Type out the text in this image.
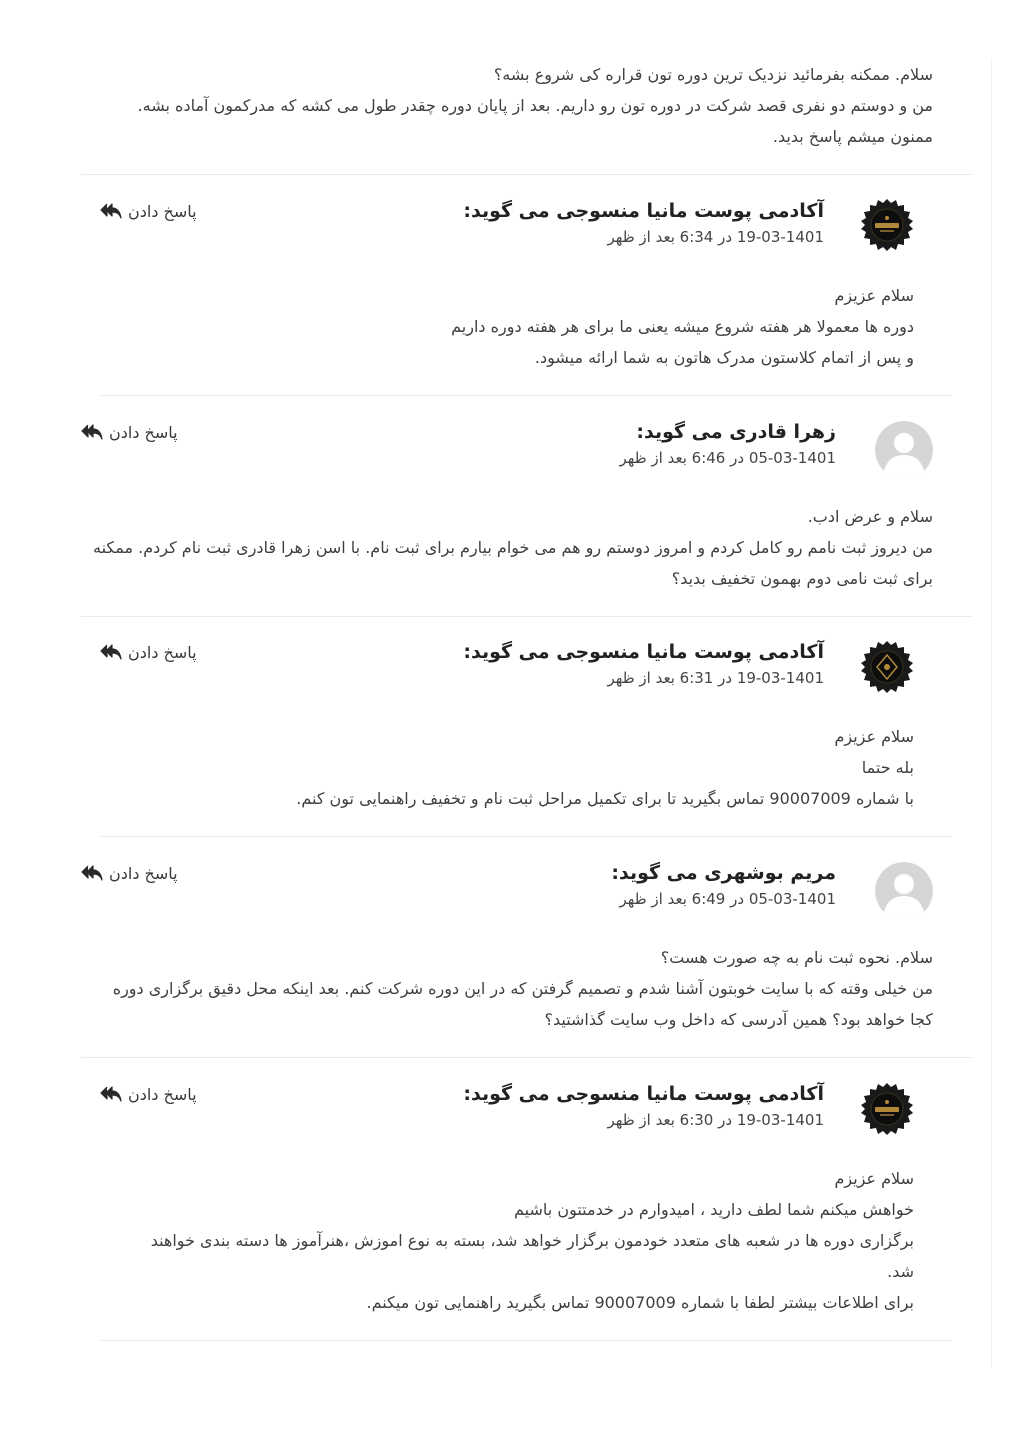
سلام. ممکنه بفرمائید نزدیک ترین دوره تون قراره کی شروع بشه؟

من و دوستم دو نفری قصد شرکت در دوره تون رو داریم. بعد از پایان دوره چقدر طول می کشه که مدرکمون آماده بشه.

ممنون میشم پاسخ بدید.

آکادمی پوست مانیا منسوجی می گوید:
19-03-1401 در 6:34 بعد از ظهر
پاسخ دادن

سلام عزیزم

دوره ها معمولا هر هفته شروع میشه یعنی ما برای هر هفته دوره داریم

و پس از اتمام کلاستون مدرک هاتون به شما ارائه میشود.

زهرا قادری می گوید:
05-03-1401 در 6:46 بعد از ظهر
پاسخ دادن

سلام و عرض ادب.

من دیروز ثبت نامم رو کامل کردم و امروز دوستم رو هم می خوام بیارم برای ثبت نام. با اسن زهرا قادری ثبت نام کردم. ممکنه

برای ثبت نامی دوم بهمون تخفیف بدید؟

آکادمی پوست مانیا منسوجی می گوید:
19-03-1401 در 6:31 بعد از ظهر
پاسخ دادن

سلام عزیزم

بله حتما

با شماره 90007009 تماس بگیرید تا برای تکمیل مراحل ثبت نام و تخفیف راهنمایی تون کنم.

مریم بوشهری می گوید:
05-03-1401 در 6:49 بعد از ظهر
پاسخ دادن

سلام. نحوه ثبت نام به چه صورت هست؟

من خیلی وقته که با سایت خوبتون آشنا شدم و تصمیم گرفتن که در این دوره شرکت کنم. بعد اینکه محل دقیق برگزاری دوره

کجا خواهد بود؟ همین آدرسی که داخل وب سایت گذاشتید؟

آکادمی پوست مانیا منسوجی می گوید:
19-03-1401 در 6:30 بعد از ظهر
پاسخ دادن

سلام عزیزم

خواهش میکنم شما لطف دارید ، امیدوارم در خدمتتون باشیم

برگزاری دوره ها در شعبه های متعدد خودمون برگزار خواهد شد، بسته به نوع اموزش ،هنرآموز ها دسته بندی خواهند

شد.

برای اطلاعات بیشتر لطفا با شماره 90007009 تماس بگیرید راهنمایی تون میکنم.
